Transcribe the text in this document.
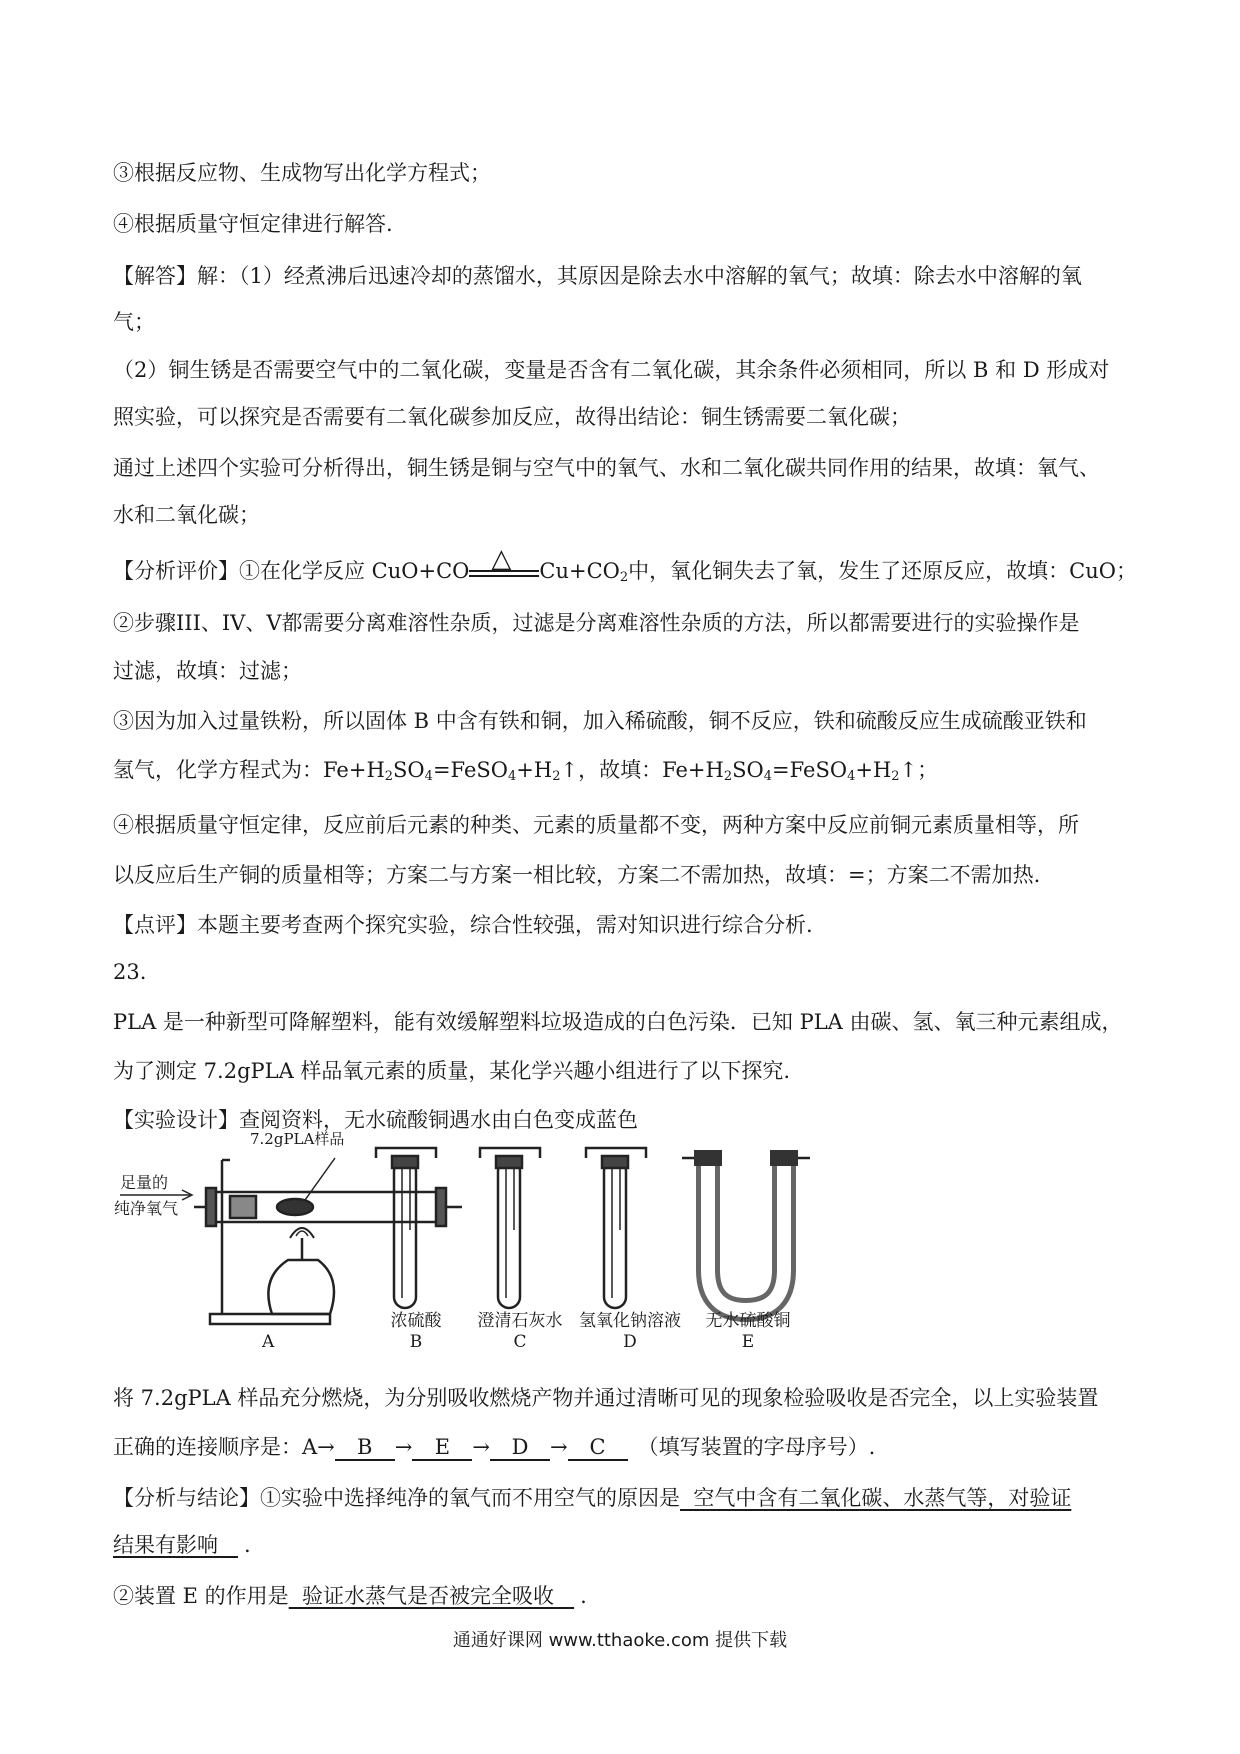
③根据反应物、生成物写出化学方程式；
④根据质量守恒定律进行解答.
【解答】解：（1）经煮沸后迅速冷却的蒸馏水，其原因是除去水中溶解的氧气；故填：除去水中溶解的氧
气；
（2）铜生锈是否需要空气中的二氧化碳，变量是否含有二氧化碳，其余条件必须相同，所以 B 和 D 形成对
照实验，可以探究是否需要有二氧化碳参加反应，故得出结论：铜生锈需要二氧化碳；
通过上述四个实验可分析得出，铜生锈是铜与空气中的氧气、水和二氧化碳共同作用的结果，故填：氧气、
水和二氧化碳；
【分析评价】①在化学反应 CuO+CO △ $Cu+CO_2$中，氧化铜失去了氧，发生了还原反应，故填：CuO；
②步骤III、IV、V都需要分离难溶性杂质，过滤是分离难溶性杂质的方法，所以都需要进行的实验操作是
过滤，故填：过滤；
③因为加入过量铁粉，所以固体 B 中含有铁和铜，加入稀硫酸，铜不反应，铁和硫酸反应生成硫酸亚铁和
氢气，化学方程式为：$Fe+H_2SO_4=FeSO_4+H_2↑$，故填：$Fe+H_2SO_4=FeSO_4+H_2↑$；
④根据质量守恒定律，反应前后元素的种类、元素的质量都不变，两种方案中反应前铜元素质量相等，所
以反应后生产铜的质量相等；方案二与方案一相比较，方案二不需加热，故填：=；方案二不需加热.
【点评】本题主要考查两个探究实验，综合性较强，需对知识进行综合分析.
23.
PLA 是一种新型可降解塑料，能有效缓解塑料垃圾造成的白色污染．已知 PLA 由碳、氢、氧三种元素组成，
为了测定 7.2gPLA 样品氧元素的质量，某化学兴趣小组进行了以下探究.
【实验设计】查阅资料，无水硫酸铜遇水由白色变成蓝色
7.2gPLA样品
足量的
纯净氧气
A
浓硫酸
B
澄清石灰水
C
氢氧化钠溶液
D
无水硫酸铜
E
将 7.2gPLA 样品充分燃烧，为分别吸收燃烧产物并通过清晰可见的现象检验吸收是否完全，以上实验装置
正确的连接顺序是：A→ B → E → D → C （填写装置的字母序号）.
【分析与结论】①实验中选择纯净的氧气而不用空气的原因是  空气中含有二氧化碳、水蒸气等，对验证
结果有影响   .
②装置 E 的作用是  验证水蒸气是否被完全吸收   .
通通好课网 www.tthaoke.com 提供下载
